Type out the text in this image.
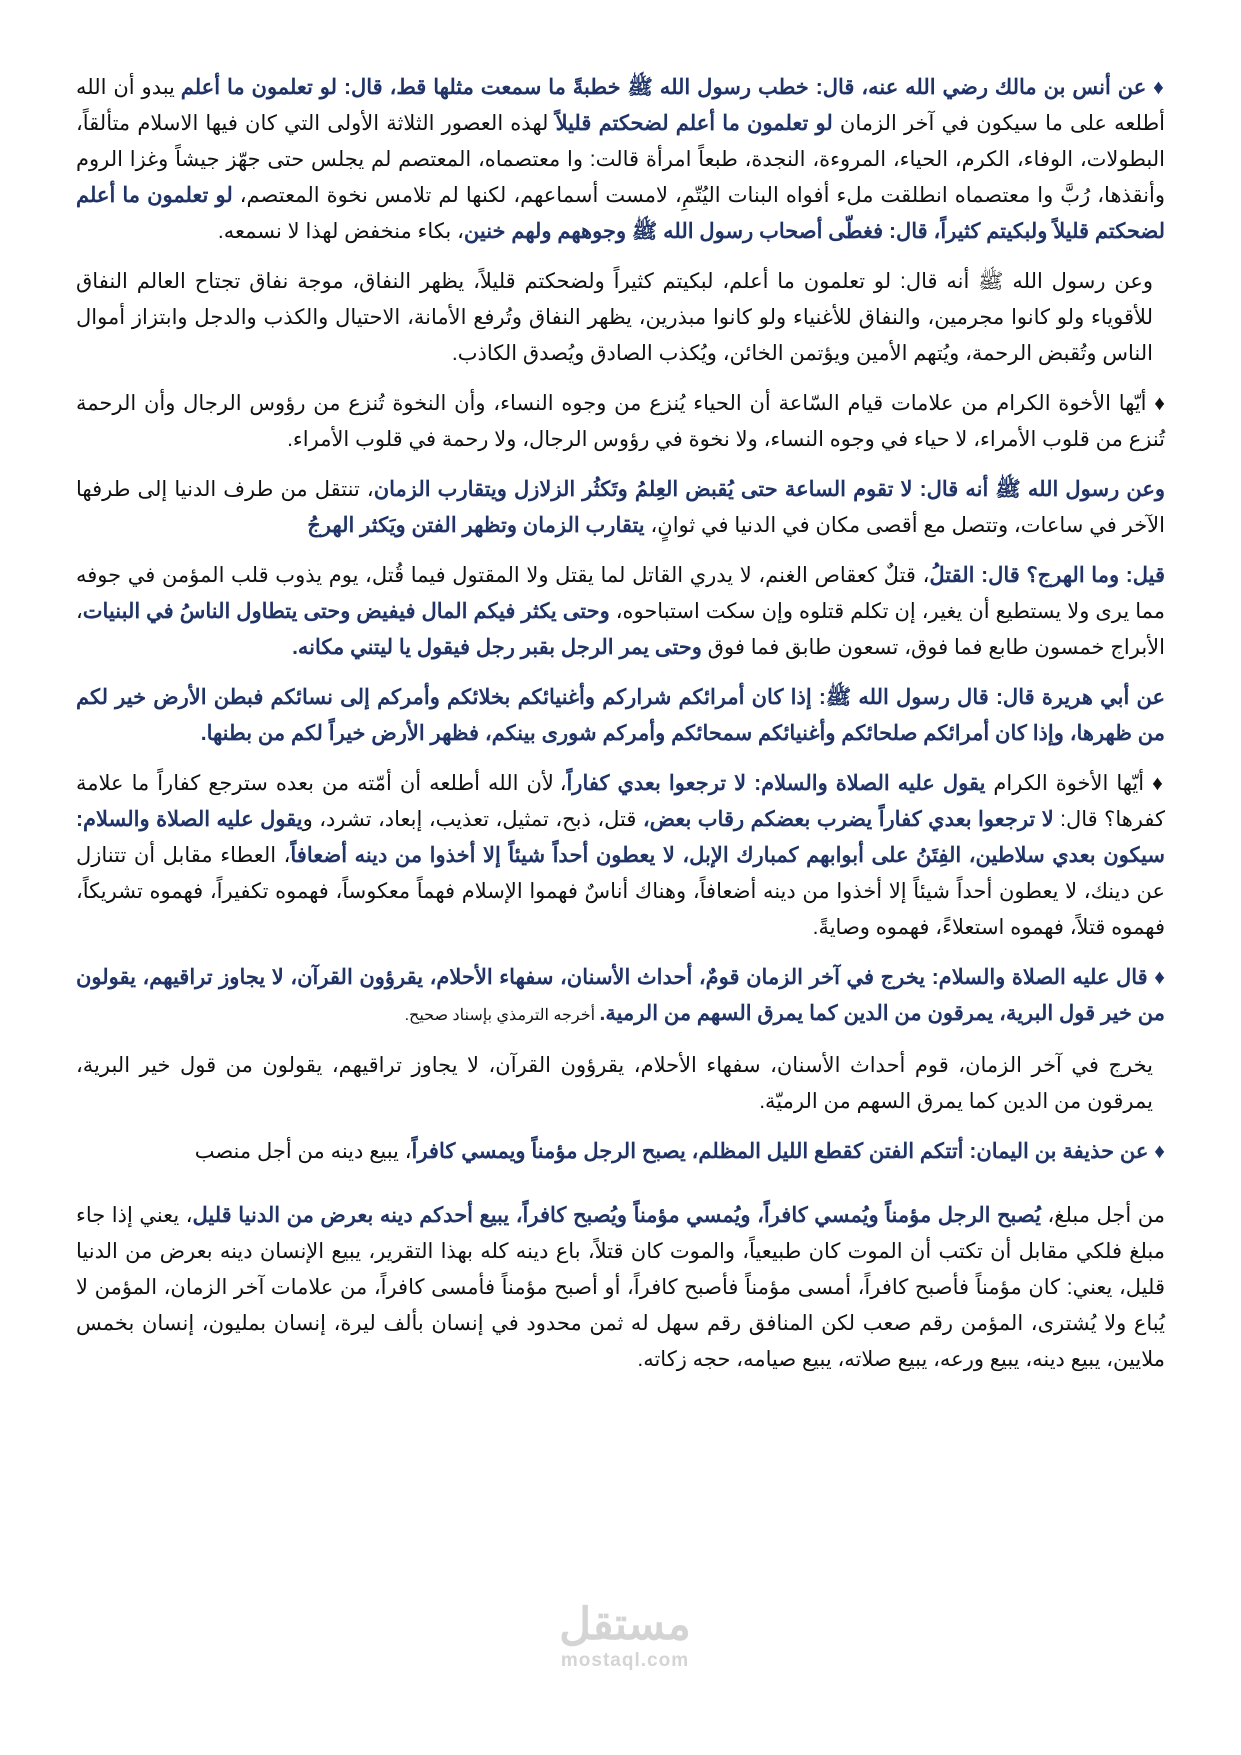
♦ عن أنس بن مالك رضي الله عنه، قال: خطب رسول الله ﷺ خطبةً ما سمعت مثلها قط، قال: لو تعلمون ما أعلم يبدو أن الله أطلعه على ما سيكون في آخر الزمان لو تعلمون ما أعلم لضحكتم قليلاً لهذه العصور الثلاثة الأولى التي كان فيها الاسلام متألقاً، البطولات، الوفاء، الكرم، الحياء، المروءة، النجدة، طبعاً امرأة قالت: وا معتصماه، المعتصم لم يجلس حتى جهّز جيشاً وغزا الروم وأنقذها، رُبَّ وا معتصماه انطلقت ملء أفواه البنات اليُتّمِ، لامست أسماعهم، لكنها لم تلامس نخوة المعتصم، لو تعلمون ما أعلم لضحكتم قليلاً ولبكيتم كثيراً، قال: فغطّى أصحاب رسول الله ﷺ وجوههم ولهم خنين، بكاء منخفض لهذا لا نسمعه.

وعن رسول الله ﷺ أنه قال: لو تعلمون ما أعلم، لبكيتم كثيراً ولضحكتم قليلاً، يظهر النفاق، موجة نفاق تجتاح العالم النفاق للأقوياء ولو كانوا مجرمين، والنفاق للأغنياء ولو كانوا مبذرين، يظهر النفاق وتُرفع الأمانة، الاحتيال والكذب والدجل وابتزاز أموال الناس وتُقبض الرحمة، ويُتهم الأمين ويؤتمن الخائن، ويُكذب الصادق ويُصدق الكاذب.

♦ أيّها الأخوة الكرام من علامات قيام السّاعة أن الحياء يُنزع من وجوه النساء، وأن النخوة تُنزع من رؤوس الرجال وأن الرحمة تُنزع من قلوب الأمراء، لا حياء في وجوه النساء، ولا نخوة في رؤوس الرجال، ولا رحمة في قلوب الأمراء.

وعن رسول الله ﷺ أنه قال: لا تقوم الساعة حتى يُقبض العِلمُ وتَكثُر الزلازل ويتقارب الزمان، تنتقل من طرف الدنيا إلى طرفها الآخر في ساعات، وتتصل مع أقصى مكان في الدنيا في ثوانٍ، يتقارب الزمان وتظهر الفتن ويَكثر الهرجُ

قيل: وما الهرج؟ قال: القتلُ، قتلٌ كعقاص الغنم، لا يدري القاتل لما يقتل ولا المقتول فيما قُتل، يوم يذوب قلب المؤمن في جوفه مما يرى ولا يستطيع أن يغير، إن تكلم قتلوه وإن سكت استباحوه، وحتى يكثر فيكم المال فيفيض وحتى يتطاول الناسُ في البنيات، الأبراج خمسون طابع فما فوق، تسعون طابق فما فوق وحتى يمر الرجل بقبر رجل فيقول يا ليتني مكانه.

عن أبي هريرة قال: قال رسول الله ﷺ: إذا كان أمرائكم شراركم وأغنيائكم بخلائكم وأمركم إلى نسائكم فبطن الأرض خير لكم من ظهرها، وإذا كان أمرائكم صلحائكم وأغنيائكم سمحائكم وأمركم شورى بينكم، فظهر الأرض خيراً لكم من بطنها.

♦ أيّها الأخوة الكرام يقول عليه الصلاة والسلام: لا ترجعوا بعدي كفاراً، لأن الله أطلعه أن أمّته من بعده سترجع كفاراً ما علامة كفرها؟ قال: لا ترجعوا بعدي كفاراً يضرب بعضكم رقاب بعض، قتل، ذبح، تمثيل، تعذيب، إبعاد، تشرد، ويقول عليه الصلاة والسلام: سيكون بعدي سلاطين، الفِتَنُ على أبوابهم كمبارك الإبل، لا يعطون أحداً شيئاً إلا أخذوا من دينه أضعافاً، العطاء مقابل أن تتنازل عن دينك، لا يعطون أحداً شيئاً إلا أخذوا من دينه أضعافاً، وهناك أناسٌ فهموا الإسلام فهماً معكوساً، فهموه تكفيراً، فهموه تشريكاً، فهموه قتلاً، فهموه استعلاءً، فهموه وصايةً.

♦ قال عليه الصلاة والسلام: يخرج في آخر الزمان قومٌ، أحداث الأسنان، سفهاء الأحلام، يقرؤون القرآن، لا يجاوز تراقيهم، يقولون من خير قول البرية، يمرقون من الدين كما يمرق السهم من الرمية. أخرجه الترمذي بإسناد صحيح.

يخرج في آخر الزمان، قوم أحداث الأسنان، سفهاء الأحلام، يقرؤون القرآن، لا يجاوز تراقيهم، يقولون من قول خير البرية، يمرقون من الدين كما يمرق السهم من الرميّة.

♦ عن حذيفة بن اليمان: أتتكم الفتن كقطع الليل المظلم، يصبح الرجل مؤمناً ويمسي كافراً، يبيع دينه من أجل منصب

من أجل مبلغ، يُصبح الرجل مؤمناً ويُمسي كافراً، ويُمسي مؤمناً ويُصبح كافراً، يبيع أحدكم دينه بعرض من الدنيا قليل، يعني إذا جاء مبلغ فلكي مقابل أن تكتب أن الموت كان طبيعياً، والموت كان قتلاً، باع دينه كله بهذا التقرير، يبيع الإنسان دينه بعرض من الدنيا قليل، يعني: كان مؤمناً فأصبح كافراً، أمسى مؤمناً فأصبح كافراً، أو أصبح مؤمناً فأمسى كافراً، من علامات آخر الزمان، المؤمن لا يُباع ولا يُشترى، المؤمن رقم صعب لكن المنافق رقم سهل له ثمن محدود في إنسان بألف ليرة، إنسان بمليون، إنسان بخمس ملايين، يبيع دينه، يبيع ورعه، يبيع صلاته، يبيع صيامه، حجه زكاته.

مستقل
mostaql.com
